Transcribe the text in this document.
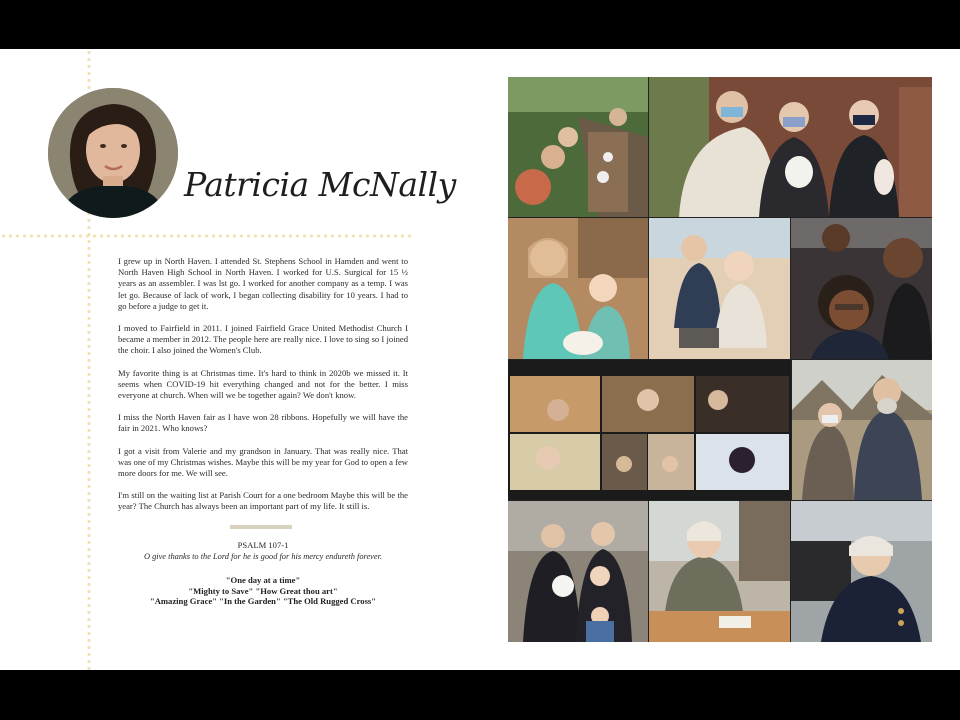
Patricia McNally

I grew up in North Haven. I attended St. Stephens School in Hamden and went to North Haven High School in North Haven. I worked for U.S. Surgical for 15 ½ years as an assembler. I was lst go. I worked for another company as a temp. I was let go. Because of lack of work, I began collecting disability for 10 years. I had to go before a judge to get it.

I moved to Fairfield in 2011. I joined Fairfield Grace United Methodist Church I became a member in 2012. The people here are really nice. I love to sing so I joined the choir. I also joined the Women's Club.

My favorite thing is at Christmas time. It's hard to think in 2020b we missed it. It seems when COVID-19 hit everything changed and not for the better. I miss everyone at church. When will we be together again? We don't know.

I miss the North Haven fair as I have won 28 ribbons. Hopefully we will have the fair in 2021. Who knows?

I got a visit from Valerie and my grandson in January. That was really nice. That was one of my Christmas wishes. Maybe this will be my year for God to open a few more doors for me. We will see.

I'm still on the waiting list at Parish Court for a one bedroom Maybe this will be the year? The Church has always been an important part of my life. It still is.

PSALM 107-1
O give thanks to the Lord for he is good for his mercy endureth forever.
"One day at a time"
"Mighty to Save" "How Great thou art"
"Amazing Grace" "In the Garden" "The Old Rugged Cross"
